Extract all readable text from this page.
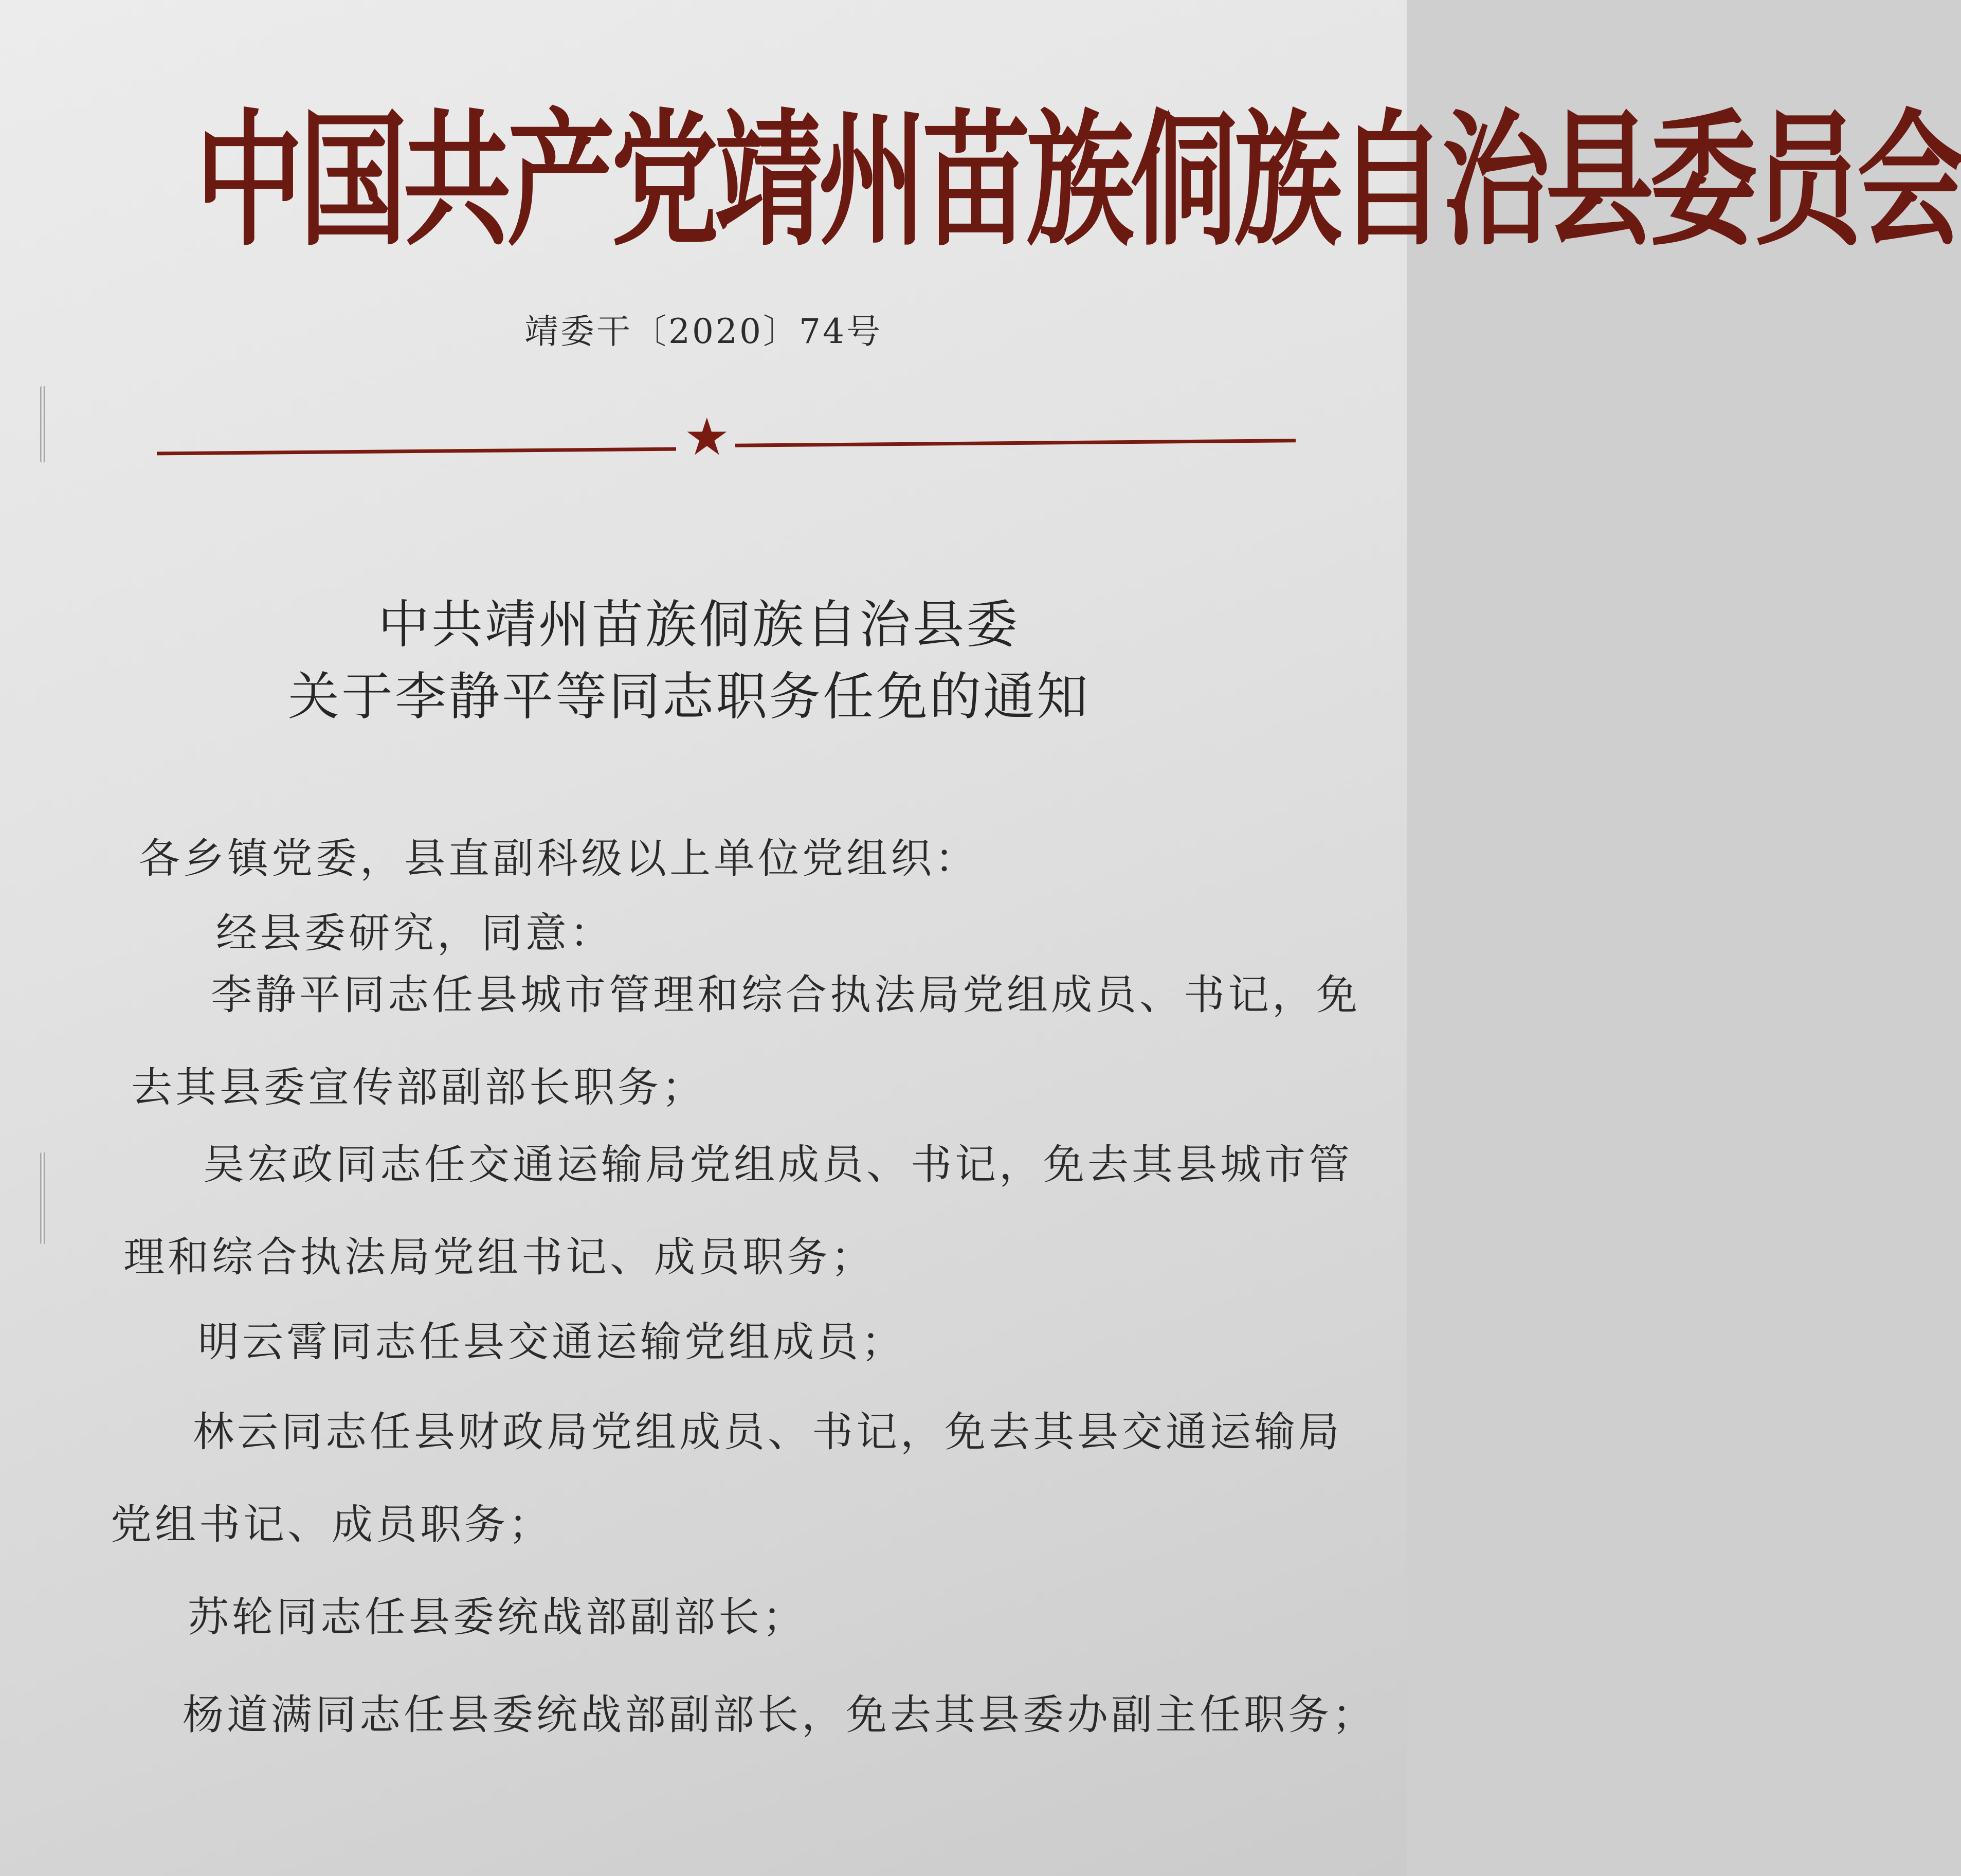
中国共产党靖州苗族侗族自治县委员会
靖委干〔2020〕74号
★
中共靖州苗族侗族自治县委
关于李静平等同志职务任免的通知
各乡镇党委，县直副科级以上单位党组织：
经县委研究，同意：
李静平同志任县城市管理和综合执法局党组成员、书记，免
去其县委宣传部副部长职务；
吴宏政同志任交通运输局党组成员、书记，免去其县城市管
理和综合执法局党组书记、成员职务；
明云霄同志任县交通运输党组成员；
林云同志任县财政局党组成员、书记，免去其县交通运输局
党组书记、成员职务；
苏轮同志任县委统战部副部长；
杨道满同志任县委统战部副部长，免去其县委办副主任职务；
